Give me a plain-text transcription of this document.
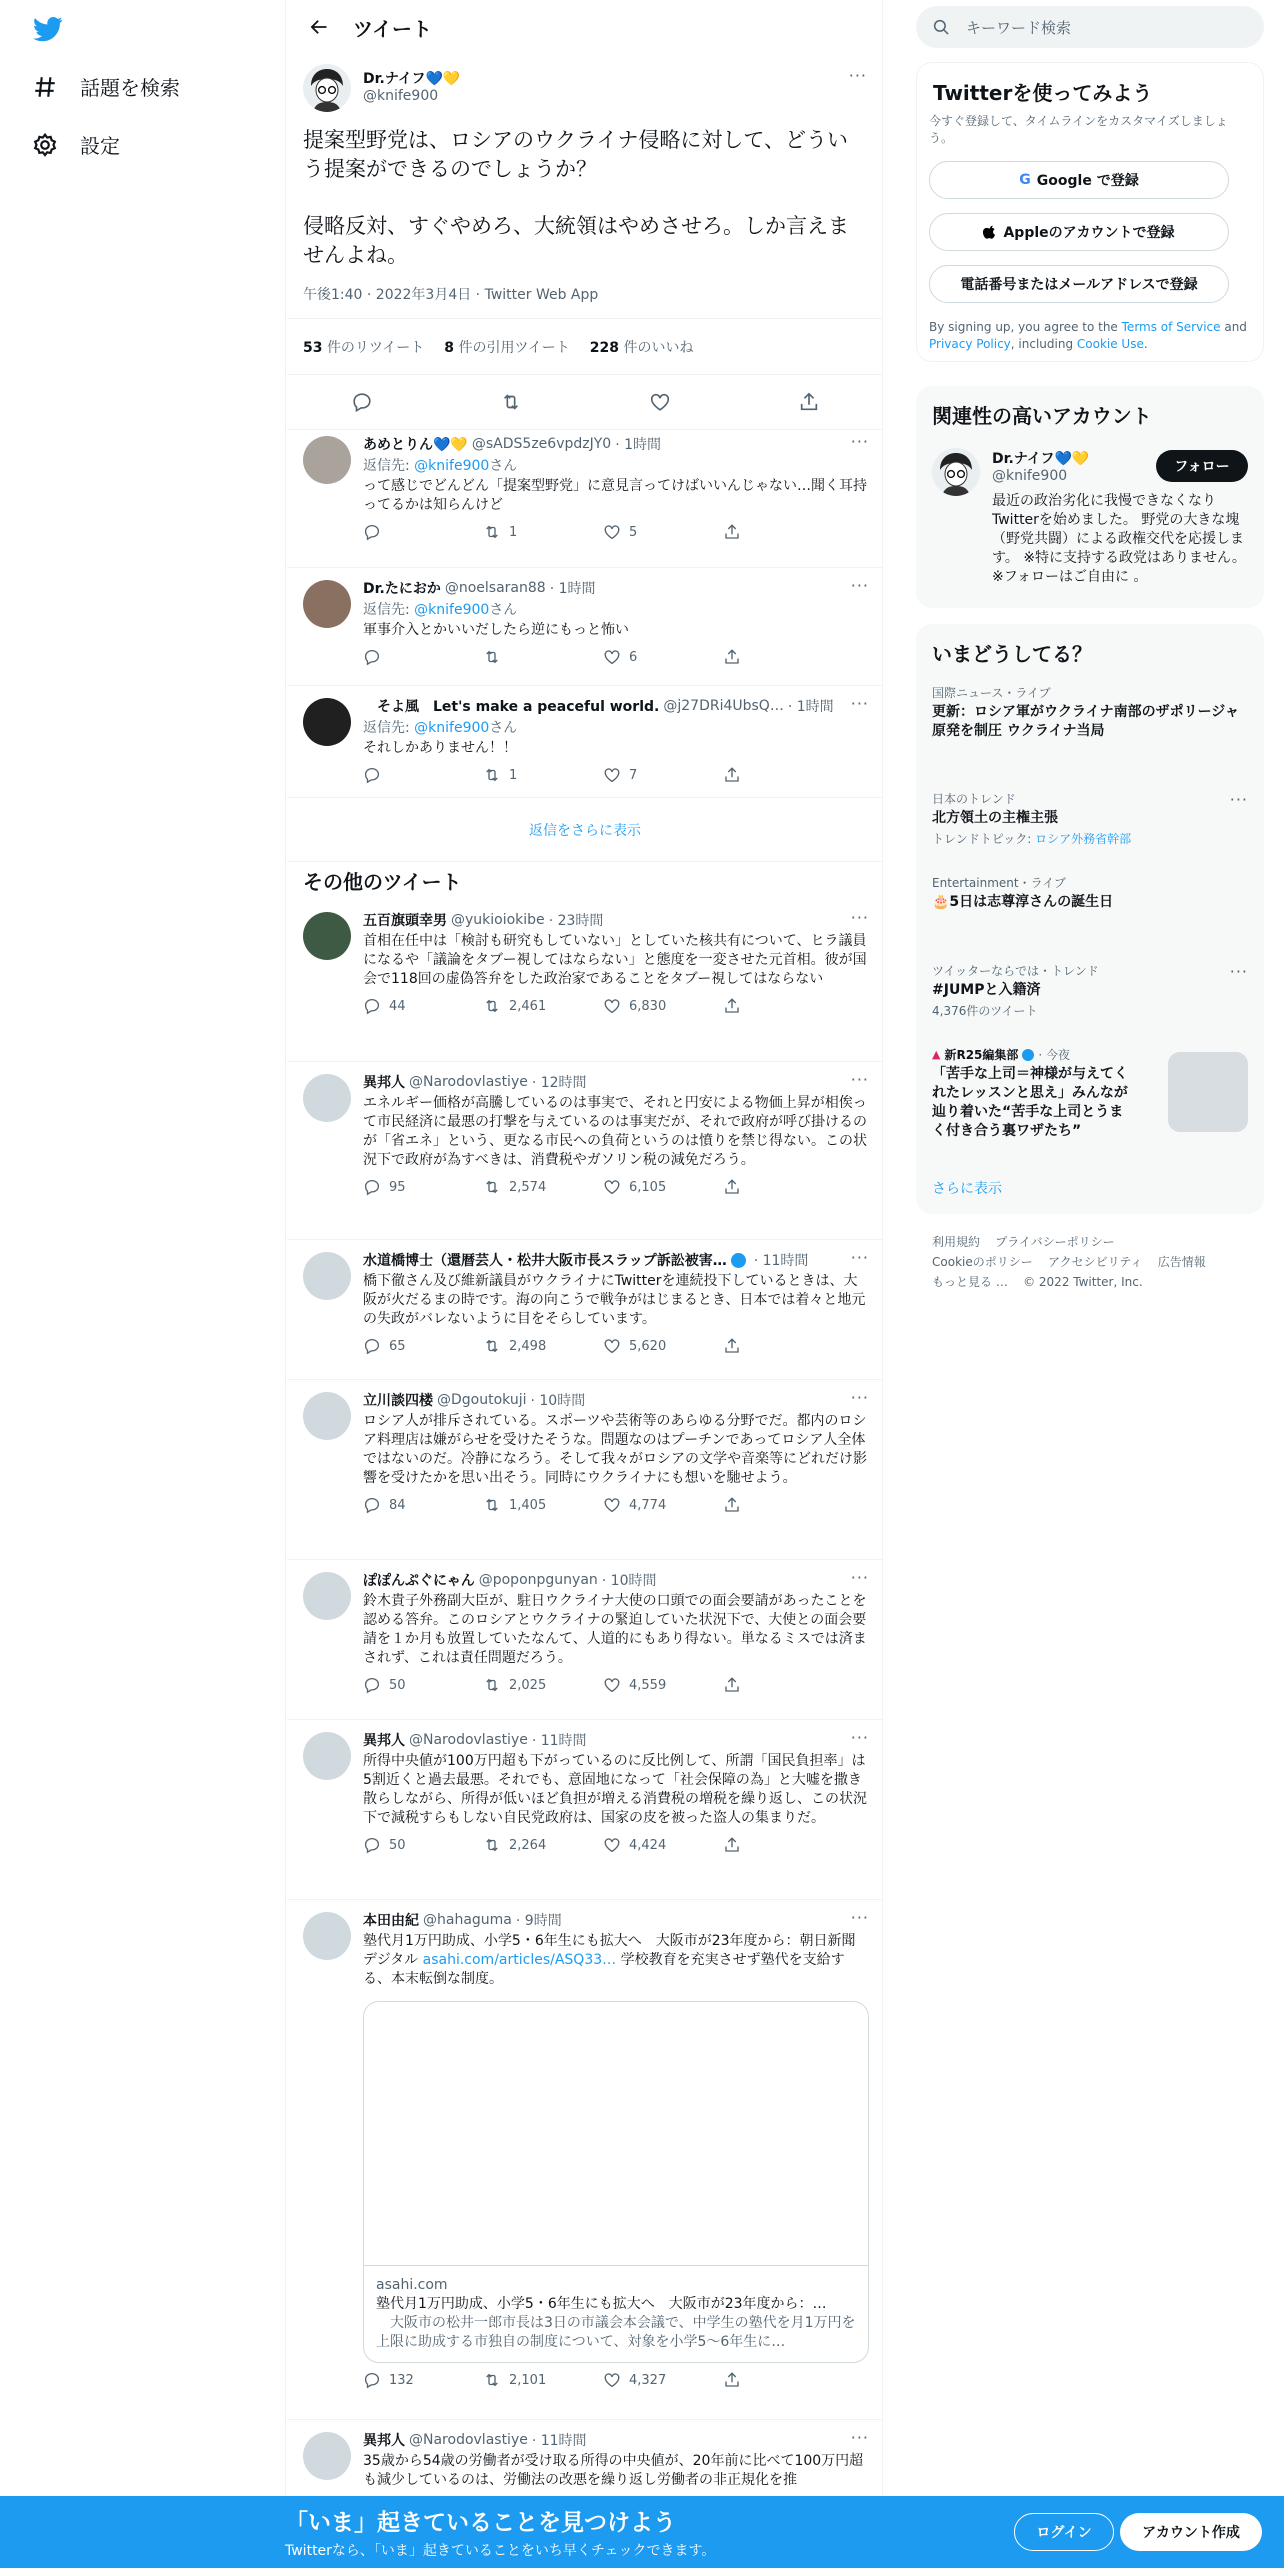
話題を検索
設定
ツイート
Dr.ナイフ💙💛
@knife900
···

提案型野党は、ロシアのウクライナ侵略に対して、どういう提案ができるのでしょうか？

侵略反対、すぐやめろ、大統領はやめさせろ。しか言えませんよね。

午後1:40 · 2022年3月4日 · Twitter Web App
53 件のリツイート 8 件の引用ツイート 228 件のいいね
あめとりん💙💛 @sADS5ze6vpdzJY0 · 1時間	···
返信先: @knife900さん
って感じでどんどん「提案型野党」に意見言ってけばいいんじゃない…聞く耳持ってるかは知らんけど
1	5
Dr.たにおか @noelsaran88 · 1時間	···
返信先: @knife900さん
軍事介入とかいいだしたら逆にもっと怖い
6
　そよ風　Let's make a peaceful world. @j27DRi4UbsQ… · 1時間 ···
返信先: @knife900さん
それしかありません！！
1	7
返信をさらに表示
その他のツイート
五百旗頭幸男 @yukioiokibe · 23時間	···
首相在任中は「検討も研究もしていない」としていた核共有について、ヒラ議員になるや「議論をタブー視してはならない」と態度を一変させた元首相。彼が国会で118回の虚偽答弁をした政治家であることをタブー視してはならない
44	2,461	6,830
異邦人 @Narodovlastiye · 12時間	···
エネルギー価格が高騰しているのは事実で、それと円安による物価上昇が相俟って市民経済に最悪の打撃を与えているのは事実だが、それで政府が呼び掛けるのが「省エネ」という、更なる市民への負荷というのは憤りを禁じ得ない。この状況下で政府が為すべきは、消費税やガソリン税の減免だろう。
95	2,574	6,105
水道橋博士（還暦芸人・松井大阪市長スラップ訴訟被害… · 11時間	···
橋下徹さん及び維新議員がウクライナにTwitterを連続投下しているときは、大阪が火だるまの時です。海の向こうで戦争がはじまるとき、日本では着々と地元の失政がバレないように目をそらしています。
65	2,498	5,620
立川談四楼 @Dgoutokuji · 10時間	···
ロシア人が排斥されている。スポーツや芸術等のあらゆる分野でだ。都内のロシア料理店は嫌がらせを受けたそうな。問題なのはプーチンであってロシア人全体ではないのだ。冷静になろう。そして我々がロシアの文学や音楽等にどれだけ影響を受けたかを思い出そう。同時にウクライナにも想いを馳せよう。
84	1,405	4,774
ぽぽんぷぐにゃん @poponpgunyan · 10時間	···
鈴木貴子外務副大臣が、駐日ウクライナ大使の口頭での面会要請があったことを認める答弁。このロシアとウクライナの緊迫していた状況下で、大使との面会要請を１か月も放置していたなんて、人道的にもあり得ない。単なるミスでは済まされず、これは責任問題だろう。
50	2,025	4,559
異邦人 @Narodovlastiye · 11時間	···
所得中央値が100万円超も下がっているのに反比例して、所謂「国民負担率」は5割近くと過去最悪。それでも、意固地になって「社会保障の為」と大嘘を撒き散らしながら、所得が低いほど負担が増える消費税の増税を繰り返し、この状況下で減税すらもしない自民党政府は、国家の皮を被った盗人の集まりだ。
50	2,264	4,424
本田由紀 @hahaguma · 9時間	···
塾代月1万円助成、小学5・6年生にも拡大へ　大阪市が23年度から：朝日新聞デジタル asahi.com/articles/ASQ33… 学校教育を充実させず塾代を支給する、本末転倒な制度。
asahi.com
塾代月1万円助成、小学5・6年生にも拡大へ　大阪市が23年度から：…
　大阪市の松井一郎市長は3日の市議会本会議で、中学生の塾代を月1万円を上限に助成する市独自の制度について、対象を小学5～6年生に…
132	2,101	4,327
異邦人 @Narodovlastiye · 11時間	···
35歳から54歳の労働者が受け取る所得の中央値が、20年前に比べて100万円超も減少しているのは、労働法の改悪を繰り返し労働者の非正規化を推
キーワード検索
Twitterを使ってみよう
今すぐ登録して、タイムラインをカスタマイズしましょう。
G Google で登録
Appleのアカウントで登録
電話番号またはメールアドレスで登録
By signing up, you agree to the Terms of Service and Privacy Policy, including Cookie Use.
関連性の高いアカウント
Dr.ナイフ💙💛
@knife900
フォロー
最近の政治劣化に我慢できなくなりTwitterを始めました。 野党の大きな塊（野党共闘）による政権交代を応援します。 ※特に支持する政党はありません。 ※フォローはご自由に 。
いまどうしてる？
国際ニュース・ライブ
更新：ロシア軍がウクライナ南部のザポリージャ原発を制圧 ウクライナ当局
日本のトレンド
北方領土の主権主張
トレンドトピック: ロシア外務省幹部
···
Entertainment・ライブ
🎂5日は志尊淳さんの誕生日
ツイッターならでは・トレンド
#JUMPと入籍済
4,376件のツイート
···
▲ 新R25編集部 · 今夜
「苦手な上司＝神様が与えてくれたレッスンと思え」みんなが辿り着いた“苦手な上司とうまく付き合う裏ワザたち”
さらに表示
利用規約 プライバシーポリシー
Cookieのポリシー アクセシビリティ 広告情報
もっと見る … © 2022 Twitter, Inc.
「いま」起きていることを見つけよう
Twitterなら、「いま」起きていることをいち早くチェックできます。
ログイン	アカウント作成
